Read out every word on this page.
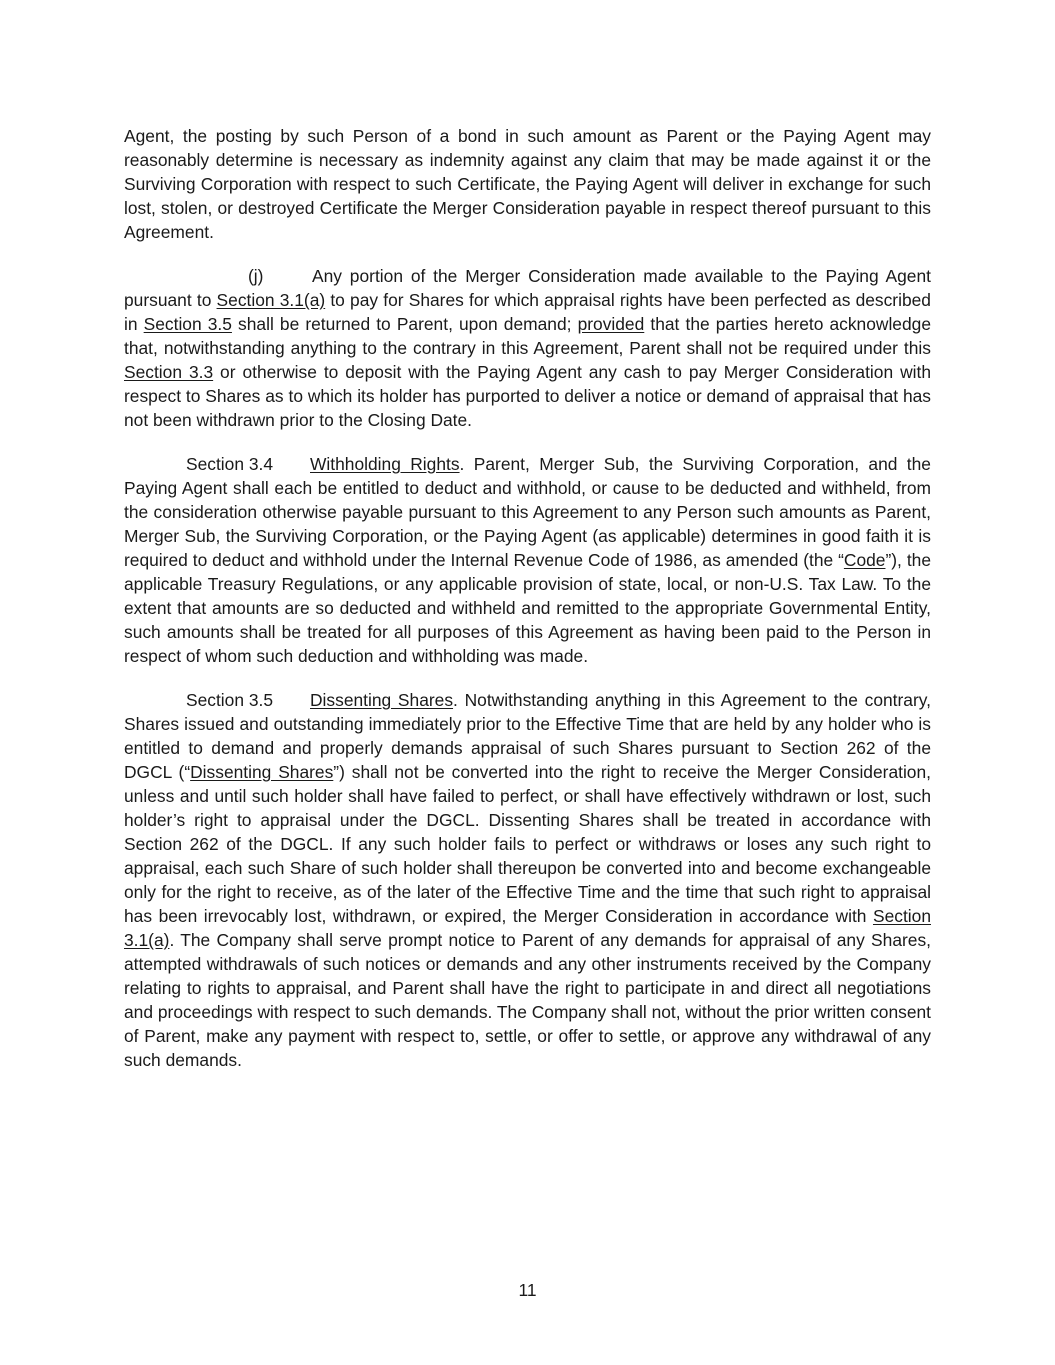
Agent, the posting by such Person of a bond in such amount as Parent or the Paying Agent may reasonably determine is necessary as indemnity against any claim that may be made against it or the Surviving Corporation with respect to such Certificate, the Paying Agent will deliver in exchange for such lost, stolen, or destroyed Certificate the Merger Consideration payable in respect thereof pursuant to this Agreement.

(j)	Any portion of the Merger Consideration made available to the Paying Agent pursuant to Section 3.1(a) to pay for Shares for which appraisal rights have been perfected as described in Section 3.5 shall be returned to Parent, upon demand; provided that the parties hereto acknowledge that, notwithstanding anything to the contrary in this Agreement, Parent shall not be required under this Section 3.3 or otherwise to deposit with the Paying Agent any cash to pay Merger Consideration with respect to Shares as to which its holder has purported to deliver a notice or demand of appraisal that has not been withdrawn prior to the Closing Date.

Section 3.4 Withholding Rights. Parent, Merger Sub, the Surviving Corporation, and the Paying Agent shall each be entitled to deduct and withhold, or cause to be deducted and withheld, from the consideration otherwise payable pursuant to this Agreement to any Person such amounts as Parent, Merger Sub, the Surviving Corporation, or the Paying Agent (as applicable) determines in good faith it is required to deduct and withhold under the Internal Revenue Code of 1986, as amended (the “Code”), the applicable Treasury Regulations, or any applicable provision of state, local, or non-U.S. Tax Law. To the extent that amounts are so deducted and withheld and remitted to the appropriate Governmental Entity, such amounts shall be treated for all purposes of this Agreement as having been paid to the Person in respect of whom such deduction and withholding was made.

Section 3.5 Dissenting Shares. Notwithstanding anything in this Agreement to the contrary, Shares issued and outstanding immediately prior to the Effective Time that are held by any holder who is entitled to demand and properly demands appraisal of such Shares pursuant to Section 262 of the DGCL (“Dissenting Shares”) shall not be converted into the right to receive the Merger Consideration, unless and until such holder shall have failed to perfect, or shall have effectively withdrawn or lost, such holder’s right to appraisal under the DGCL. Dissenting Shares shall be treated in accordance with Section 262 of the DGCL. If any such holder fails to perfect or withdraws or loses any such right to appraisal, each such Share of such holder shall thereupon be converted into and become exchangeable only for the right to receive, as of the later of the Effective Time and the time that such right to appraisal has been irrevocably lost, withdrawn, or expired, the Merger Consideration in accordance with Section 3.1(a). The Company shall serve prompt notice to Parent of any demands for appraisal of any Shares, attempted withdrawals of such notices or demands and any other instruments received by the Company relating to rights to appraisal, and Parent shall have the right to participate in and direct all negotiations and proceedings with respect to such demands. The Company shall not, without the prior written consent of Parent, make any payment with respect to, settle, or offer to settle, or approve any withdrawal of any such demands.

11
